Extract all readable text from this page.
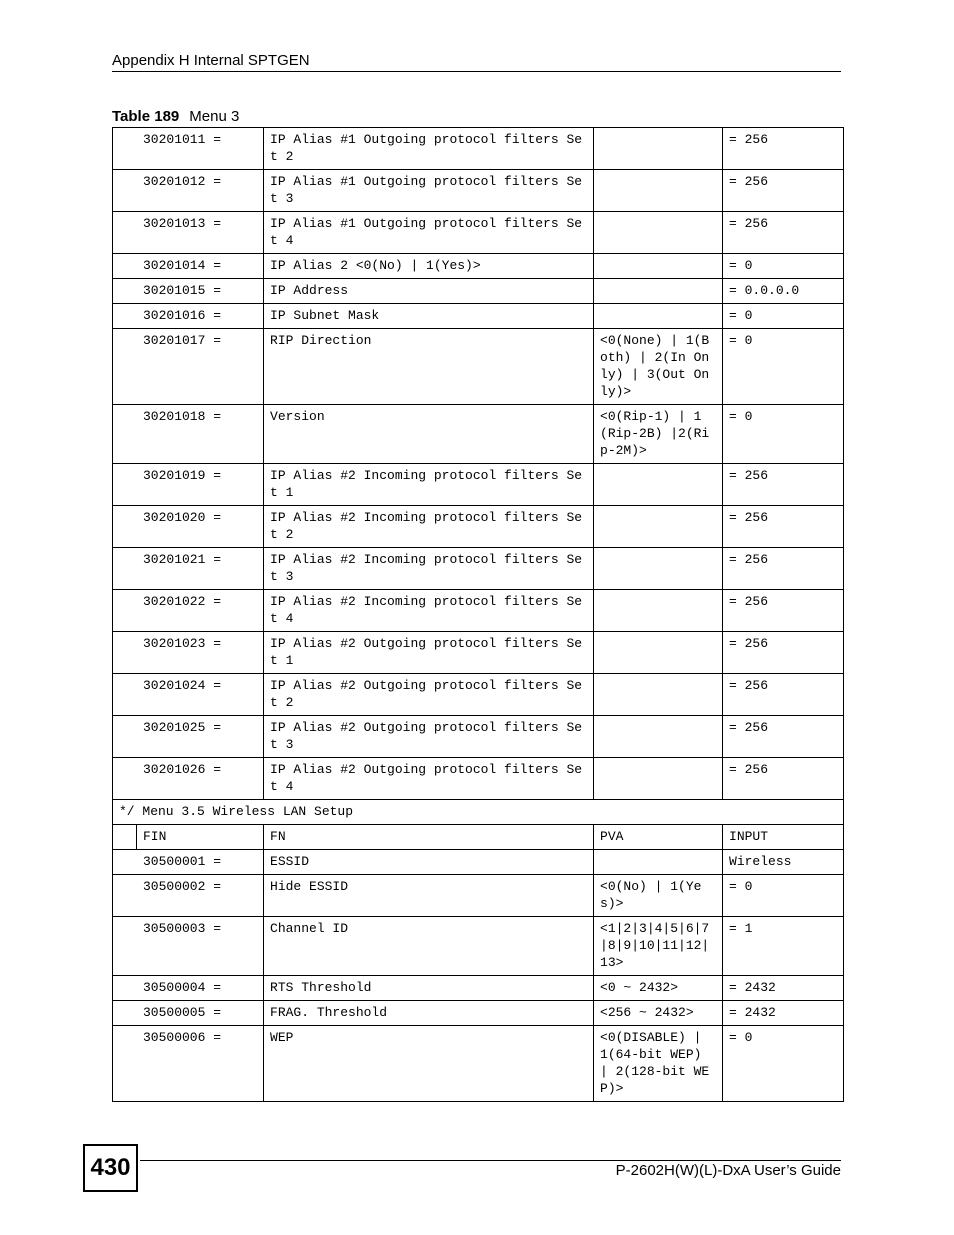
Appendix H Internal SPTGEN
Table 189 Menu 3
30201011 =		IP Alias #1 Outgoing protocol filters Set 2		= 256
30201012 =		IP Alias #1 Outgoing protocol filters Set 3		= 256
30201013 =		IP Alias #1 Outgoing protocol filters Set 4		= 256
30201014 =		IP Alias 2 <0(No) | 1(Yes)>		= 0
30201015 =		IP Address		= 0.0.0.0
30201016 =		IP Subnet Mask		= 0
30201017 =		RIP Direction	<0(None) | 1(Both) | 2(In Only) | 3(Out Only)>	= 0
30201018 =		Version	<0(Rip-1) | 1(Rip-2B) |2(Rip-2M)>	= 0
30201019 =		IP Alias #2 Incoming protocol filters Set 1		= 256
30201020 =		IP Alias #2 Incoming protocol filters Set 2		= 256
30201021 =		IP Alias #2 Incoming protocol filters Set 3		= 256
30201022 =		IP Alias #2 Incoming protocol filters Set 4		= 256
30201023 =		IP Alias #2 Outgoing protocol filters Set 1		= 256
30201024 =		IP Alias #2 Outgoing protocol filters Set 2		= 256
30201025 =		IP Alias #2 Outgoing protocol filters Set 3		= 256
30201026 =		IP Alias #2 Outgoing protocol filters Set 4		= 256
*/ Menu 3.5 Wireless LAN Setup				
	FIN	FN	PVA	INPUT
30500001 =		ESSID		Wireless
30500002 =		Hide ESSID	<0(No) | 1(Yes)>	= 0
30500003 =		Channel ID	<1|2|3|4|5|6|7|8|9|10|11|12|13>	= 1
30500004 =		RTS Threshold	<0 ~ 2432>	= 2432
30500005 =		FRAG. Threshold	<256 ~ 2432>	= 2432
30500006 =		WEP	<0(DISABLE) | 1(64-bit WEP) | 2(128-bit WEP)>	= 0
430	P-2602H(W)(L)-DxA User’s Guide
